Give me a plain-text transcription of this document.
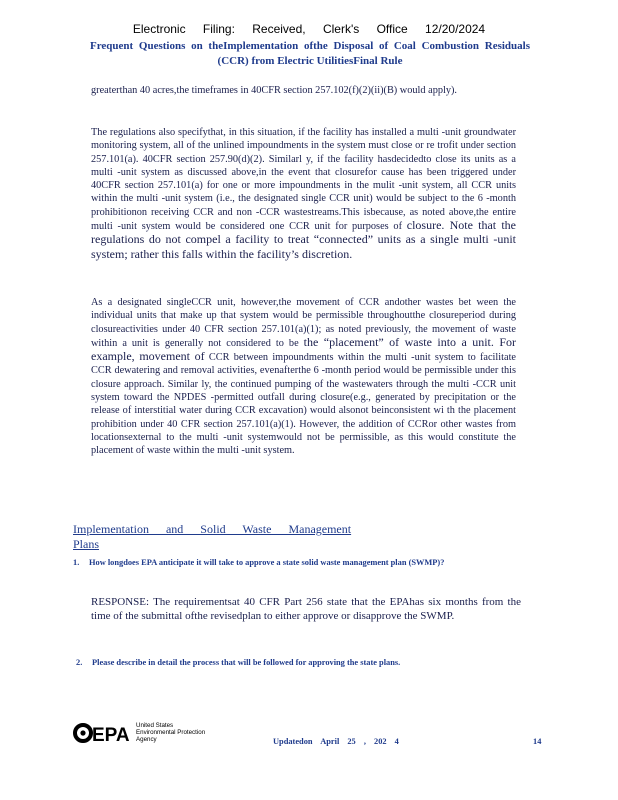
Electronic Filing: Received, Clerk's Office 12/20/2024
Frequent Questions on theImplementation ofthe Disposal of Coal Combustion Residuals (CCR) from Electric UtilitiesFinal Rule
greaterthan 40 acres,the timeframes in 40CFR section 257.102(f)(2)(ii)(B) would apply).
The regulations also specifythat, in this situation, if the facility has installed a multi -unit groundwater monitoring system, all of the unlined impoundments in the system must close or re trofit under section 257.101(a). 40CFR section 257.90(d)(2). Similarl y, if the facility hasdecidedto close its units as a multi -unit system as discussed above,in the event that closurefor cause has been triggered under 40CFR section 257.101(a) for one or more impoundments in the mulit -unit system, all CCR units within the multi -unit system (i.e., the designated single CCR unit) would be subject to the 6 -month prohibitionon receiving CCR and non -CCR wastestreams.This isbecause, as noted above,the entire multi -unit system would be considered one CCR unit for purposes of closure. Note that the regulations do not compel a facility to treat “connected” units as a single multi -unit system; rather this falls within the facility’s discretion.
As a designated singleCCR unit, however,the movement of CCR andother wastes bet ween the individual units that make up that system would be permissible throughoutthe closureperiod during closureactivities under 40 CFR section 257.101(a)(1); as noted previously, the movement of waste within a unit is generally not considered to be the “placement” of waste into a unit. For example, movement of CCR between impoundments within the multi -unit system to facilitate CCR dewatering and removal activities, evenafterthe 6 -month period would be permissible under this closure approach. Similar ly, the continued pumping of the wastewaters through the multi -CCR unit system toward the NPDES -permitted outfall during closure(e.g., generated by precipitation or the release of interstitial water during CCR excavation) would alsonot beinconsistent wi th the placement prohibition under 40 CFR section 257.101(a)(1). However, the addition of CCRor other wastes from locationsexternal to the multi -unit systemwould not be permissible, as this would constitute the placement of waste within the multi -unit system.
Implementation and Solid Waste Management Plans
1. How longdoes EPA anticipate it will take to approve a state solid waste management plan (SWMP)?
RESPONSE: The requirementsat 40 CFR Part 256 state that the EPAhas six months from the time of the submittal ofthe revisedplan to either approve or disapprove the SWMP.
2. Please describe in detail the process that will be followed for approving the state plans.
EPA United States
Environmental Protection
Agency	Updatedon April 25 , 202 4	14
